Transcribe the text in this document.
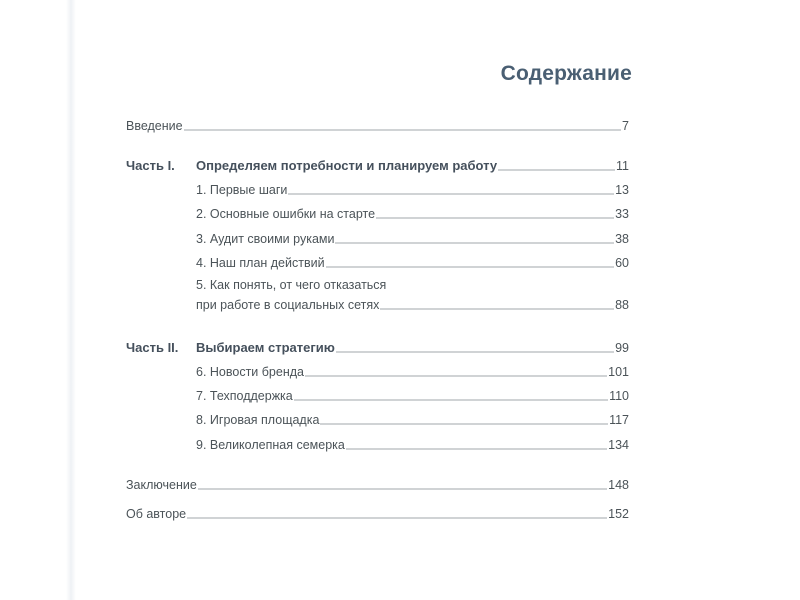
Содержание
Введение	7
Часть I.	Определяем потребности и планируем работу	11
1. Первые шаги	13
2. Основные ошибки на старте	33
3. Аудит своими руками	38
4. Наш план действий	60
5. Как понять, от чего отказаться
при работе в социальных сетях	88
Часть II.	Выбираем стратегию	99
6. Новости бренда	101
7. Техподдержка	110
8. Игровая площадка	117
9. Великолепная семерка	134
Заключение	148
Об авторе	152
